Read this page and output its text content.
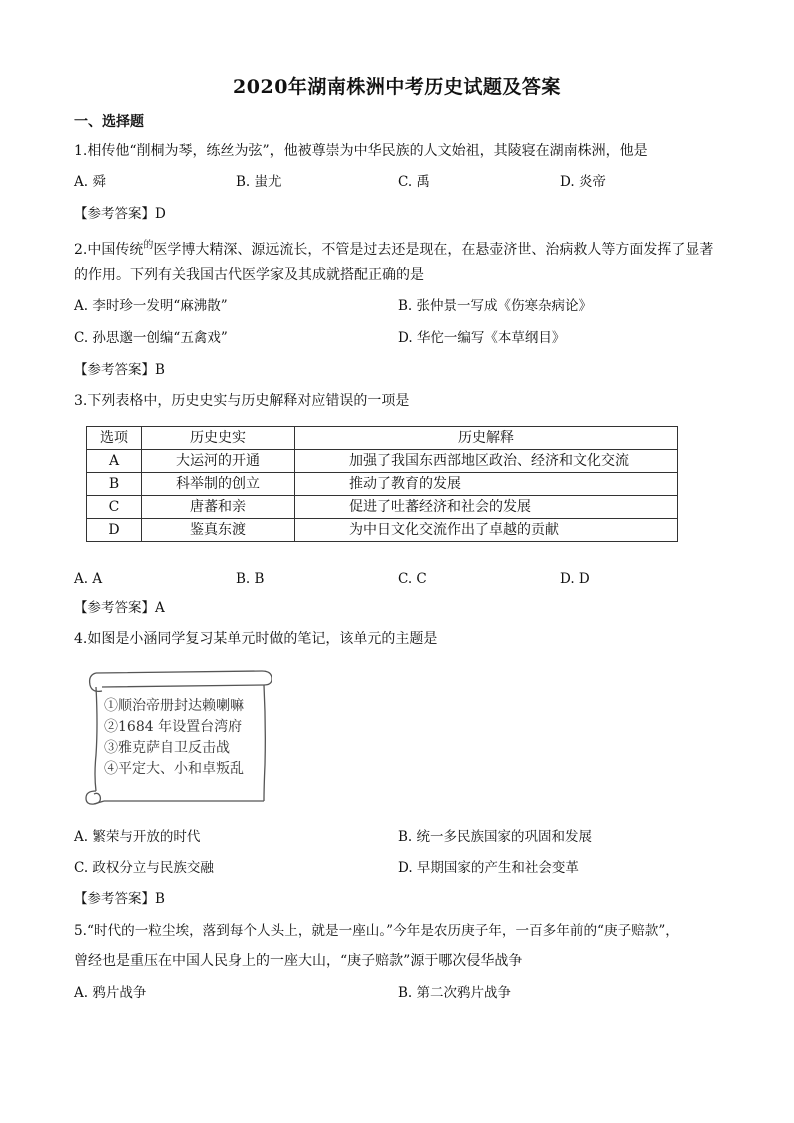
2020年湖南株洲中考历史试题及答案
一、选择题
1.相传他“削桐为琴，练丝为弦”，他被尊崇为中华民族的人文始祖，其陵寝在湖南株洲，他是
A. 舜	B. 蚩尤	C. 禹	D. 炎帝
【参考答案】D
2.中国传统$^的$医学博大精深、源远流长，不管是过去还是现在，在悬壶济世、治病救人等方面发挥了显著
的作用。下列有关我国古代医学家及其成就搭配正确的是
A. 李时珍一发明“麻沸散”	B. 张仲景一写成《伤寒杂病论》
C. 孙思邈一创编“五禽戏”	D. 华佗一编写《本草纲目》
【参考答案】B
3.下列表格中，历史史实与历史解释对应错误的一项是
选项	历史史实	历史解释
A	大运河的开通	加强了我国东西部地区政治、经济和文化交流
B	科举制的创立	推动了教育的发展
C	唐蕃和亲	促进了吐蕃经济和社会的发展
D	鉴真东渡	为中日文化交流作出了卓越的贡献
A. A	B. B	C. C	D. D
【参考答案】A
4.如图是小涵同学复习某单元时做的笔记，该单元的主题是
①顺治帝册封达赖喇嘛
②1684 年设置台湾府
③雅克萨自卫反击战
④平定大、小和卓叛乱
A. 繁荣与开放的时代	B. 统一多民族国家的巩固和发展
C. 政权分立与民族交融	D. 早期国家的产生和社会变革
【参考答案】B
5.“时代的一粒尘埃，落到每个人头上，就是一座山。”今年是农历庚子年，一百多年前的“庚子赔款”，
曾经也是重压在中国人民身上的一座大山，“庚子赔款”源于哪次侵华战争
A. 鸦片战争	B. 第二次鸦片战争
